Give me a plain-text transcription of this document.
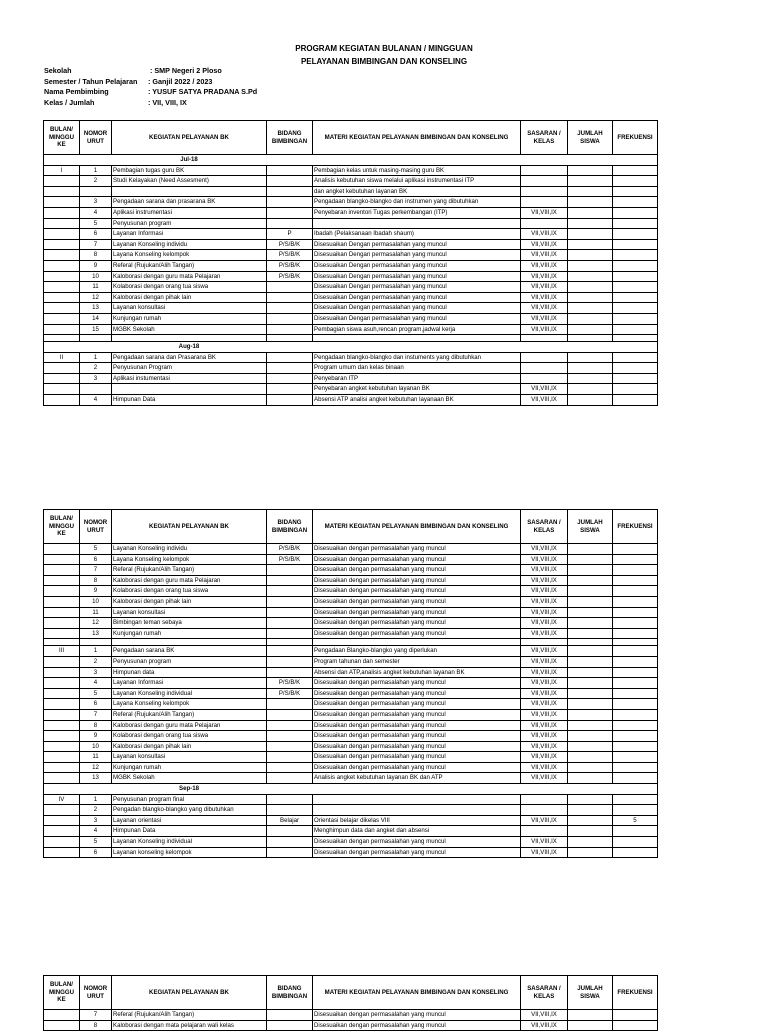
PROGRAM KEGIATAN BULANAN / MINGGUAN
PELAYANAN BIMBINGAN DAN KONSELING
Sekolah	: SMP Negeri 2 Ploso
Semester / Tahun Pelajaran	: Ganjil 2022 / 2023
Nama Pembimbing	: YUSUF SATYA PRADANA S.Pd
Kelas / Jumlah	: VII, VIII, IX
BULAN/ MINGGU KE	NOMOR URUT	KEGIATAN PELAYANAN BK	BIDANG BIMBINGAN	MATERI KEGIATAN PELAYANAN BIMBINGAN DAN KONSELING	SASARAN / KELAS	JUMLAH SISWA	FREKUENSI
		Jul-18					
I	1	Pembagian tugas guru BK		Pembagian kelas untuk masing-masing guru BK			
	2	Studi Kelayakan (Need Assesment)		Analisis kebutuhan siswa melalui aplikasi instrumentasi ITP			
				dan angket kebutuhan layanan BK			
	3	Pengadaan sarana dan prasarana BK		Pengadaan blangko-blangko dan instrumen yang dibutuhkan			
	4	Aplikasi instrumentasi		Penyebaran inventori Tugas perkembangan (ITP)	VII,VIII,IX		
	5	Penyusunan program					
	6	Layanan Informasi	P	Ibadah (Pelaksanaan Ibadah shaum)	VII,VIII,IX		
	7	Layanan Konseling individu	P/S/B/K	Disesuaikan Dengan permasalahan yang muncul	VII,VIII,IX		
	8	Layana Konseling kelompok	P/S/B/K	Disesuaikan Dengan permasalahan yang muncul	VII,VIII,IX		
	9	Referal (Rujukan/Alih Tangan)	P/S/B/K	Disesuaikan Dengan permasalahan yang muncul	VII,VIII,IX		
	10	Kaloborasi dengan guru mata Pelajaran	P/S/B/K	Disesuaikan Dengan permasalahan yang muncul	VII,VIII,IX		
	11	Kolaborasi dengan orang tua siswa		Disesuaikan Dengan permasalahan yang muncul	VII,VIII,IX		
	12	Kaloborasi dengan pihak lain		Disesuaikan Dengan permasalahan yang muncul	VII,VIII,IX		
	13	Layanan konsultasi		Disesuaikan Dengan permasalahan yang muncul	VII,VIII,IX		
	14	Kunjungan rumah		Disesuaikan Dengan permasalahan yang muncul	VII,VIII,IX		
	15	MGBK Sekolah		Pembagian siswa asuh,rencan program,jadwal kerja	VII,VIII,IX		

		Aug-18					
II	1	Pengadaan sarana dan Prasarana BK		Pengadaan blangko-blangko dan instuments yang dibutuhkan			
	2	Penyusunan Program		Program umum dan kelas binaan			
	3	Aplikasi instumentasi		Penyebaran ITP			
				Penyebaran angket kebutuhan layanan BK	VII,VIII,IX		
	4	Himpunan Data		Absensi ATP analisi angket kebutuhan layanaan BK	VII,VIII,IX		
BULAN/ MINGGU KE	NOMOR URUT	KEGIATAN PELAYANAN BK	BIDANG BIMBINGAN	MATERI KEGIATAN PELAYANAN BIMBINGAN DAN KONSELING	SASARAN / KELAS	JUMLAH SISWA	FREKUENSI
	5	Layanan Konseling individu	P/S/B/K	Disesuaikan dengan permasalahan yang muncul	VII,VIII,IX		
	6	Layana Konseling kelompok	P/S/B/K	Disesuaikan dengan permasalahan yang muncul	VII,VIII,IX		
	7	Referal (Rujukan/Alih Tangan)		Disesuaikan dengan permasalahan yang muncul	VII,VIII,IX		
	8	Kaloborasi dengan guru mata Pelajaran		Disesuaikan dengan permasalahan yang muncul	VII,VIII,IX		
	9	Kolaborasi dengan orang tua siswa		Disesuaikan dengan permasalahan yang muncul	VII,VIII,IX		
	10	Kaloborasi dengan pihak lain		Disesuaikan dengan permasalahan yang muncul	VII,VIII,IX		
	11	Layanan konsultasi		Disesuaikan dengan permasalahan yang muncul	VII,VIII,IX		
	12	Bimbingan teman sebaya		Disesuaikan dengan permasalahan yang muncul	VII,VIII,IX		
	13	Kunjungan rumah		Disesuaikan dengan permasalahan yang muncul	VII,VIII,IX		

III	1	Pengadaan sarana BK		Pengadaan Blangko-blangko yang diperlukan	VII,VIII,IX		
	2	Penyusunan program		Program tahunan dan semester	VII,VIII,IX		
	3	Himpunan data		Absensi dan ATP,analisis angket kebutuhan layanan BK	VII,VIII,IX		
	4	Layanan Informasi	P/S/B/K	Disesuaikan dengan permasalahan yang muncul	VII,VIII,IX		
	5	Layanan Konseling individual	P/S/B/K	Disesuaikan dengan permasalahan yang muncul	VII,VIII,IX		
	6	Layana Konseling kelompok		Disesuaikan dengan permasalahan yang muncul	VII,VIII,IX		
	7	Referal (Rujukan/Alih Tangan)		Disesuaikan dengan permasalahan yang muncul	VII,VIII,IX		
	8	Kaloborasi dengan guru mata Pelajaran		Disesuaikan dengan permasalahan yang muncul	VII,VIII,IX		
	9	Kolaborasi dengan orang tua siswa		Disesuaikan dengan permasalahan yang muncul	VII,VIII,IX		
	10	Kaloborasi dengan pihak lain		Disesuaikan dengan permasalahan yang muncul	VII,VIII,IX		
	11	Layanan konsultasi		Disesuaikan dengan permasalahan yang muncul	VII,VIII,IX		
	12	Kunjungan rumah		Disesuaikan dengan permasalahan yang muncul	VII,VIII,IX		
	13	MGBK Sekolah		Analisis angket kebutuhan layanan BK dan ATP	VII,VIII,IX		
		Sep-18					
IV	1	Penyusunan program final					
	2	Pengadan blangko-blangko yang dibutuhkan					
	3	Layanan orientasi	Belajar	Orientasi belajar dikelas VIII	VII,VIII,IX		5
	4	Himpunan Data		Menghimpun data dan angket dan absensi			
	5	Layanan Konseling individual		Disesuaikan dengan permasalahan yang muncul	VII,VIII,IX		
	6	Layanan konseling kelompok		Disesuaikan dengan permasalahan yang muncul	VII,VIII,IX		
BULAN/ MINGGU KE	NOMOR URUT	KEGIATAN PELAYANAN BK	BIDANG BIMBINGAN	MATERI KEGIATAN PELAYANAN BIMBINGAN DAN KONSELING	SASARAN / KELAS	JUMLAH SISWA	FREKUENSI
	7	Referal (Rujukan/Alih Tangan)		Disesuaikan dengan permasalahan yang muncul	VII,VIII,IX		
	8	Kaloborasi dengan mata pelajaran wali kelas		Disesuaikan dengan permasalahan yang muncul	VII,VIII,IX		
